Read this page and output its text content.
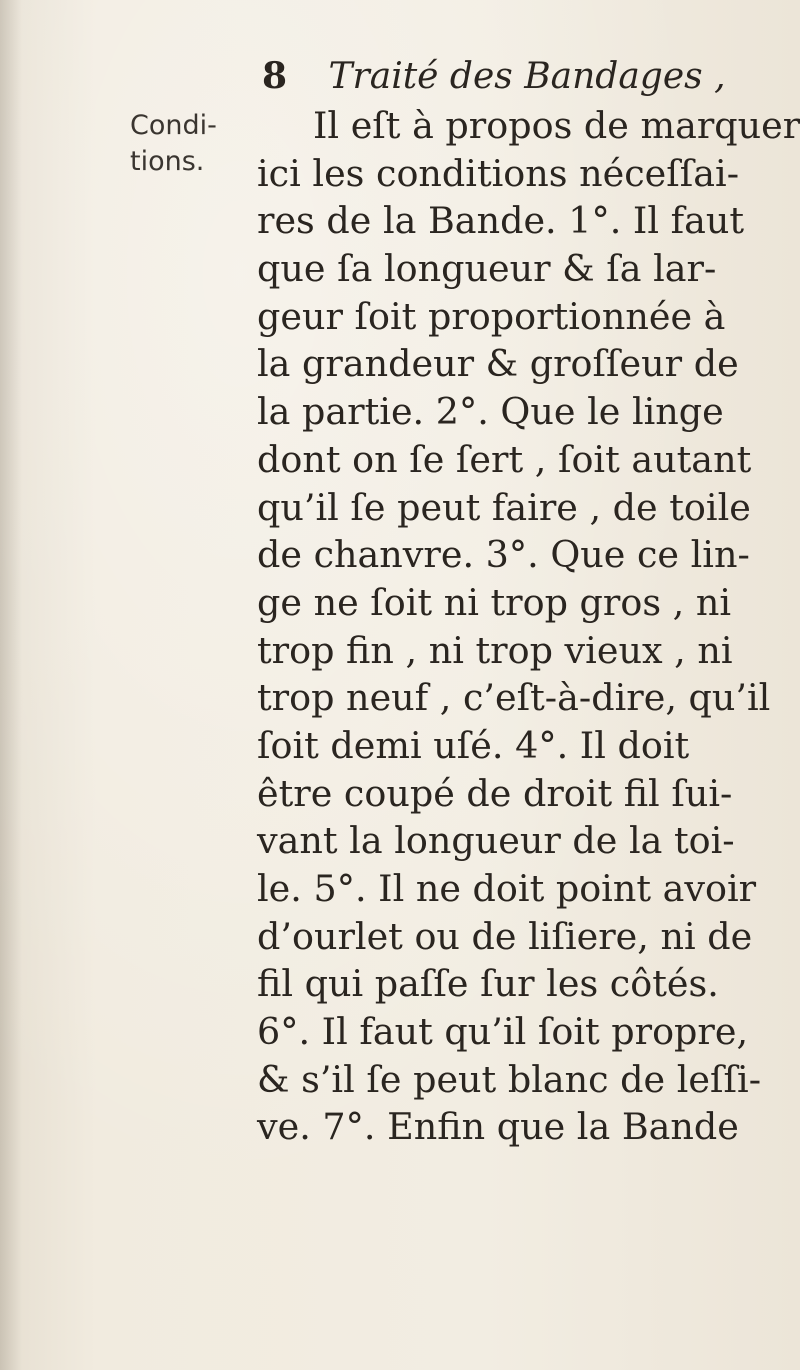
8 Traité des Bandages ,
Condi-
tions.
Il eſt à propos de marquer
ici les conditions néceſſai-
res de la Bande. 1°. Il faut
que ſa longueur & ſa lar-
geur ſoit proportionnée à
la grandeur & groſſeur de
la partie. 2°. Que le linge
dont on ſe ſert , ſoit autant
qu’il ſe peut faire , de toile
de chanvre. 3°. Que ce lin-
ge ne ſoit ni trop gros , ni
trop fin , ni trop vieux , ni
trop neuf , c’eſt-à-dire, qu’il
ſoit demi uſé. 4°. Il doit
être coupé de droit fil ſui-
vant la longueur de la toi-
le. 5°. Il ne doit point avoir
d’ourlet ou de liſiere, ni de
fil qui paſſe ſur les côtés.
6°. Il faut qu’il ſoit propre,
& s’il ſe peut blanc de leſſi-
ve. 7°. Enfin que la Bande
